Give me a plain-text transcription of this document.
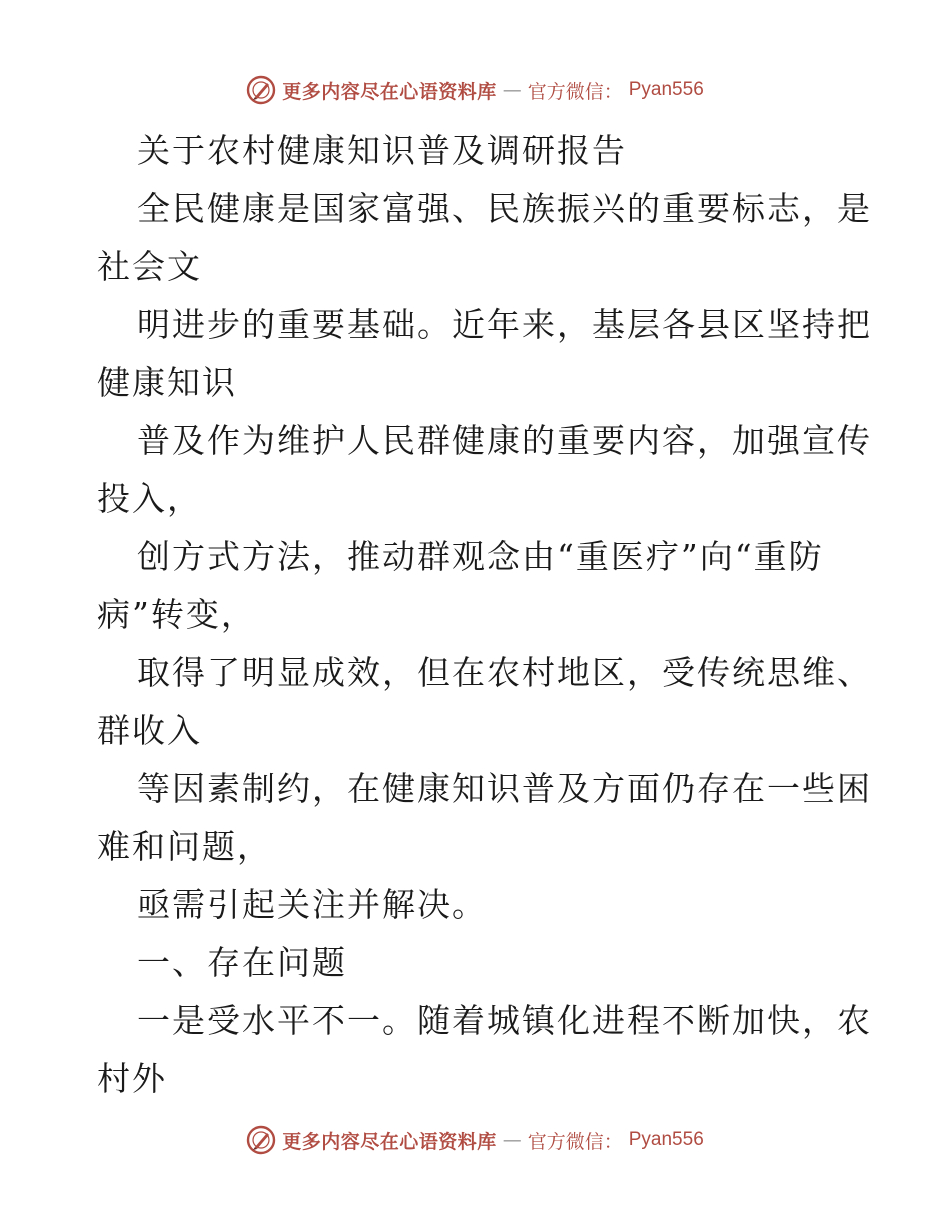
更多内容尽在心语资料库 — 官方微信： Pyan556
关于农村健康知识普及调研报告
全民健康是国家富强、民族振兴的重要标志，是
社会文
明进步的重要基础。近年来，基层各县区坚持把
健康知识
普及作为维护人民群健康的重要内容，加强宣传
投入，
创方式方法，推动群观念由“重医疗”向“重防
病”转变，
取得了明显成效，但在农村地区，受传统思维、
群收入
等因素制约，在健康知识普及方面仍存在一些困
难和问题，
亟需引起关注并解决。
一、存在问题
一是受水平不一。随着城镇化进程不断加快，农
村外
更多内容尽在心语资料库 — 官方微信： Pyan556
